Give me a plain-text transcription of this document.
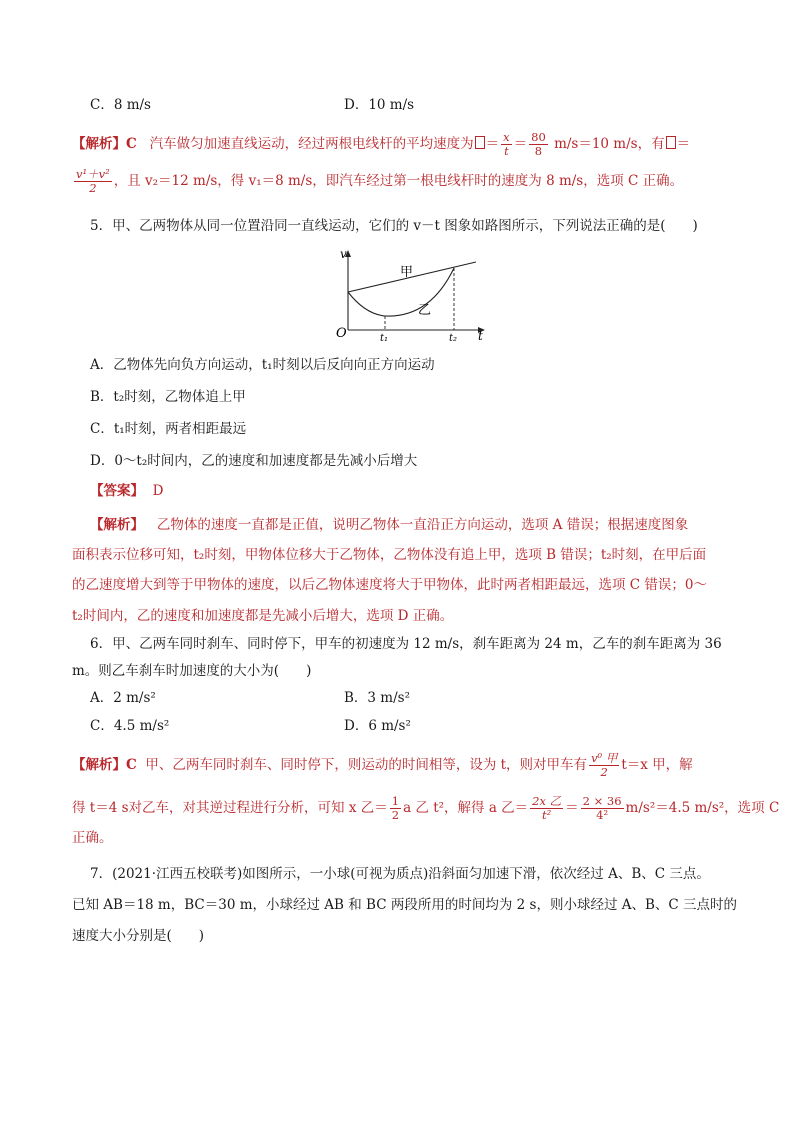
C．8 m/s	D．10 m/s
【解析】C 汽车做匀加速直线运动，经过两根电线杆的平均速度为 ＝ $\frac{x}{t} = \frac{80}{8} m/s=10$ m/s，有 ＝
$\frac{\text{v¹＋v²}}{2}$ ，且 v₂＝12 m/s，得 v₁＝8 m/s，即汽车经过第一根电线杆时的速度为 8 m/s，选项 C 正确。
5．甲、乙两物体从同一位置沿同一直线运动，它们的 v－t 图象如路图所示，下列说法正确的是(　　)
v
t
O
甲
乙
t₁	t₂
A．乙物体先向负方向运动，t₁时刻以后反向向正方向运动
B．t₂时刻，乙物体追上甲
C．t₁时刻，两者相距最远
D．0～t₂时间内，乙的速度和加速度都是先减小后增大
【答案】 D
【解析】 乙物体的速度一直都是正值，说明乙物体一直沿正方向运动，选项 A 错误；根据速度图象
面积表示位移可知，t₂时刻，甲物体位移大于乙物体，乙物体没有追上甲，选项 B 错误；t₂时刻，在甲后面
的乙速度增大到等于甲物体的速度，以后乙物体速度将大于甲物体，此时两者相距最远，选项 C 错误；0～
t₂时间内，乙的速度和加速度都是先减小后增大，选项 D 正确。
6．甲、乙两车同时刹车、同时停下，甲车的初速度为 12 m/s，刹车距离为 24 m，乙车的刹车距离为 36
m。则乙车刹车时加速度的大小为(　　)
A．2 m/s²	B．3 m/s²
C．4.5 m/s²	D．6 m/s²
【解析】C 甲、乙两车同时刹车、同时停下，则运动的时间相等，设为 t，则对甲车有 $\frac{\text{v⁰ 甲}}{2} t=x$ 甲，解
得 t＝4 s对乙车，对其逆过程进行分析，可知 x 乙＝ $\frac{1}{2}$ a 乙 t²，解得 a 乙＝ $\frac{\text{2x 乙}}{\text{t²}} = \frac{2 \times 36}{\text{4²}} m/s^2=4.5$ m/s²，选项 C
正确。
7．(2021·江西五校联考)如图所示，一小球(可视为质点)沿斜面匀加速下滑，依次经过 A、B、C 三点。
已知 AB＝18 m，BC＝30 m，小球经过 AB 和 BC 两段所用的时间均为 2 s，则小球经过 A、B、C 三点时的
速度大小分别是(　　)
